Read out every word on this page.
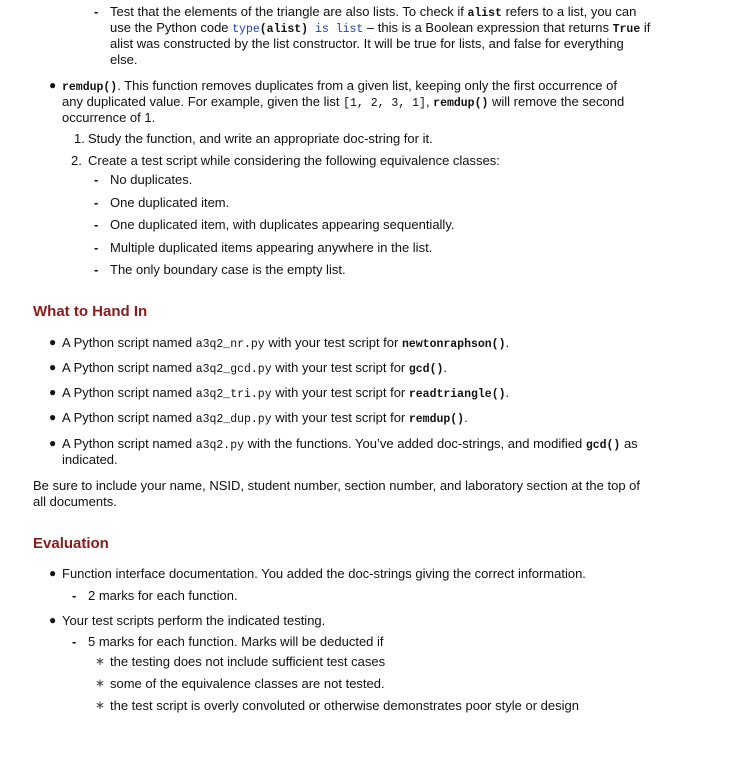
- Test that the elements of the triangle are also lists. To check if alist refers to a list, you can
use the Python code type(alist) is list – this is a Boolean expression that returns True if
alist was constructed by the list constructor. It will be true for lists, and false for everything
else.
● remdup(). This function removes duplicates from a given list, keeping only the first occurrence of
any duplicated value. For example, given the list [1, 2, 3, 1], remdup() will remove the second
occurrence of 1.
1. Study the function, and write an appropriate doc-string for it.
2. Create a test script while considering the following equivalence classes:
- No duplicates.
- One duplicated item.
- One duplicated item, with duplicates appearing sequentially.
- Multiple duplicated items appearing anywhere in the list.
- The only boundary case is the empty list.
What to Hand In
● A Python script named a3q2_nr.py with your test script for newtonraphson().
● A Python script named a3q2_gcd.py with your test script for gcd().
● A Python script named a3q2_tri.py with your test script for readtriangle().
● A Python script named a3q2_dup.py with your test script for remdup().
● A Python script named a3q2.py with the functions. You’ve added doc-strings, and modified gcd() as
indicated.
Be sure to include your name, NSID, student number, section number, and laboratory section at the top of
all documents.
Evaluation
● Function interface documentation. You added the doc-strings giving the correct information.
- 2 marks for each function.
● Your test scripts perform the indicated testing.
- 5 marks for each function. Marks will be deducted if
∗ the testing does not include sufficient test cases
∗ some of the equivalence classes are not tested.
∗ the test script is overly convoluted or otherwise demonstrates poor style or design
